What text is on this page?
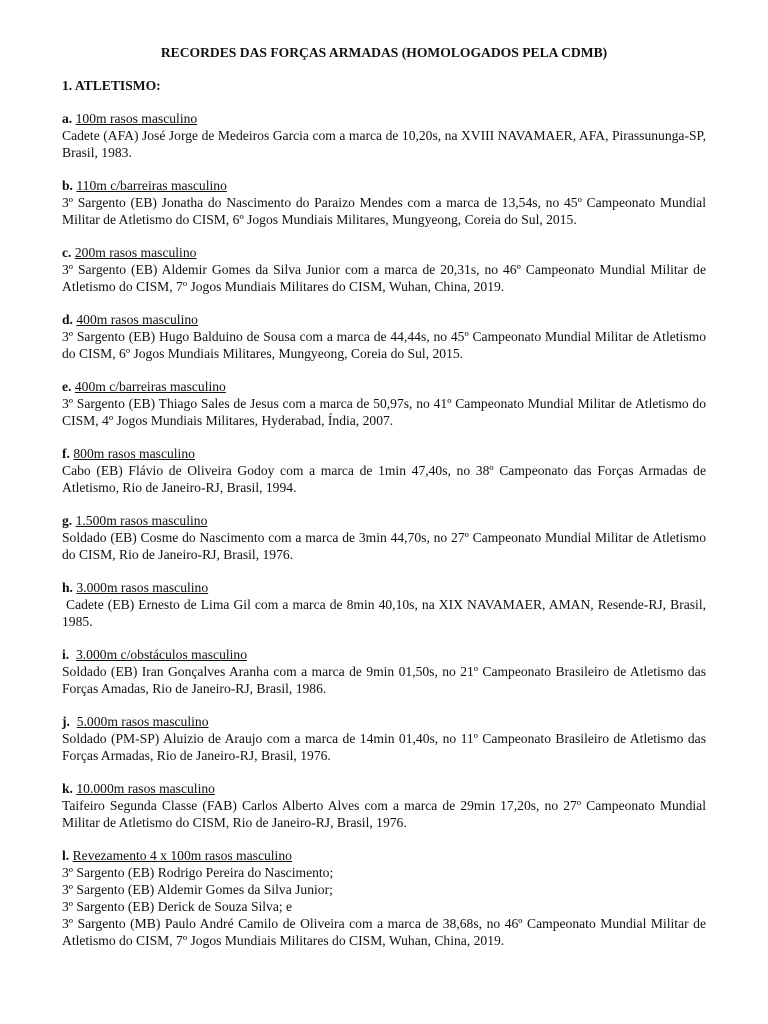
RECORDES DAS FORÇAS ARMADAS (HOMOLOGADOS PELA CDMB)
1. ATLETISMO:

a. 100m rasos masculino

Cadete (AFA) José Jorge de Medeiros Garcia com a marca de 10,20s, na XVIII NAVAMAER, AFA, Pirassununga-SP, Brasil, 1983.

b. 110m c/barreiras masculino

3º Sargento (EB) Jonatha do Nascimento do Paraizo Mendes com a marca de 13,54s, no 45º Campeonato Mundial Militar de Atletismo do CISM, 6º Jogos Mundiais Militares, Mungyeong, Coreia do Sul, 2015.

c. 200m rasos masculino

3º Sargento (EB) Aldemir Gomes da Silva Junior com a marca de 20,31s, no 46º Campeonato Mundial Militar de Atletismo do CISM, 7º Jogos Mundiais Militares do CISM, Wuhan, China, 2019.

d. 400m rasos masculino

3º Sargento (EB) Hugo Balduino de Sousa com a marca de 44,44s, no 45º Campeonato Mundial Militar de Atletismo do CISM, 6º Jogos Mundiais Militares, Mungyeong, Coreia do Sul, 2015.

e. 400m c/barreiras masculino

3º Sargento (EB) Thiago Sales de Jesus com a marca de 50,97s, no 41º Campeonato Mundial Militar de Atletismo do CISM, 4º Jogos Mundiais Militares, Hyderabad, Índia, 2007.

f. 800m rasos masculino

Cabo (EB) Flávio de Oliveira Godoy com a marca de 1min 47,40s, no 38º Campeonato das Forças Armadas de Atletismo, Rio de Janeiro-RJ, Brasil, 1994.

g. 1.500m rasos masculino

Soldado (EB) Cosme do Nascimento com a marca de 3min 44,70s, no 27º Campeonato Mundial Militar de Atletismo do CISM, Rio de Janeiro-RJ, Brasil, 1976.

h. 3.000m rasos masculino

Cadete (EB) Ernesto de Lima Gil com a marca de 8min 40,10s, na XIX NAVAMAER, AMAN, Resende-RJ, Brasil, 1985.

i. 3.000m c/obstáculos masculino

Soldado (EB) Iran Gonçalves Aranha com a marca de 9min 01,50s, no 21º Campeonato Brasileiro de Atletismo das Forças Amadas, Rio de Janeiro-RJ, Brasil, 1986.

j. 5.000m rasos masculino

Soldado (PM-SP) Aluizio de Araujo com a marca de 14min 01,40s, no 11º Campeonato Brasileiro de Atletismo das Forças Armadas, Rio de Janeiro-RJ, Brasil, 1976.

k. 10.000m rasos masculino

Taifeiro Segunda Classe (FAB) Carlos Alberto Alves com a marca de 29min 17,20s, no 27º Campeonato Mundial Militar de Atletismo do CISM, Rio de Janeiro-RJ, Brasil, 1976.

l. Revezamento 4 x 100m rasos masculino

3º Sargento (EB) Rodrigo Pereira do Nascimento;

3º Sargento (EB) Aldemir Gomes da Silva Junior;

3º Sargento (EB) Derick de Souza Silva; e

3º Sargento (MB) Paulo André Camilo de Oliveira com a marca de 38,68s, no 46º Campeonato Mundial Militar de Atletismo do CISM, 7º Jogos Mundiais Militares do CISM, Wuhan, China, 2019.
